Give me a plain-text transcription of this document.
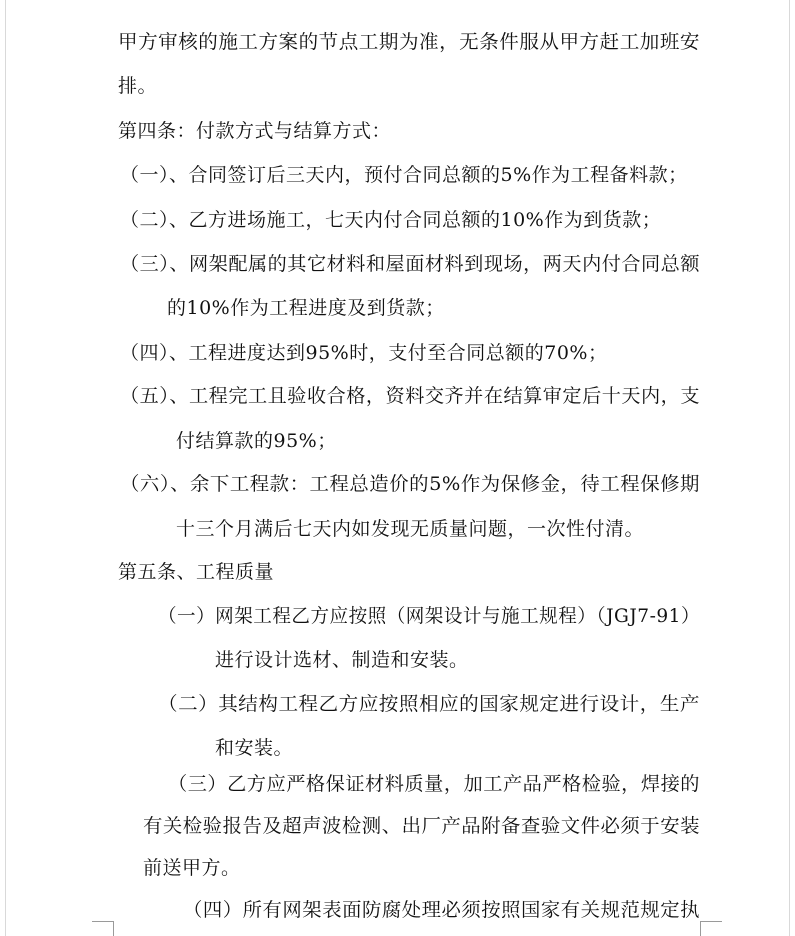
甲方审核的施工方案的节点工期为准，无条件服从甲方赶工加班安
排。
第四条：付款方式与结算方式：
（一）、合同签订后三天内，预付合同总额的5%作为工程备料款；
（二）、乙方进场施工，七天内付合同总额的10%作为到货款；
（三）、网架配属的其它材料和屋面材料到现场，两天内付合同总额
的10%作为工程进度及到货款；
（四）、工程进度达到95%时，支付至合同总额的70%；
（五）、工程完工且验收合格，资料交齐并在结算审定后十天内，支
付结算款的95%；
（六）、余下工程款：工程总造价的5%作为保修金，待工程保修期
十三个月满后七天内如发现无质量问题，一次性付清。
第五条、工程质量
（一）网架工程乙方应按照（网架设计与施工规程）（JGJ7-91）
进行设计选材、制造和安装。
（二）其结构工程乙方应按照相应的国家规定进行设计，生产
和安装。
（三）乙方应严格保证材料质量，加工产品严格检验，焊接的
有关检验报告及超声波检测、出厂产品附备查验文件必须于安装
前送甲方。
（四）所有网架表面防腐处理必须按照国家有关规范规定执
